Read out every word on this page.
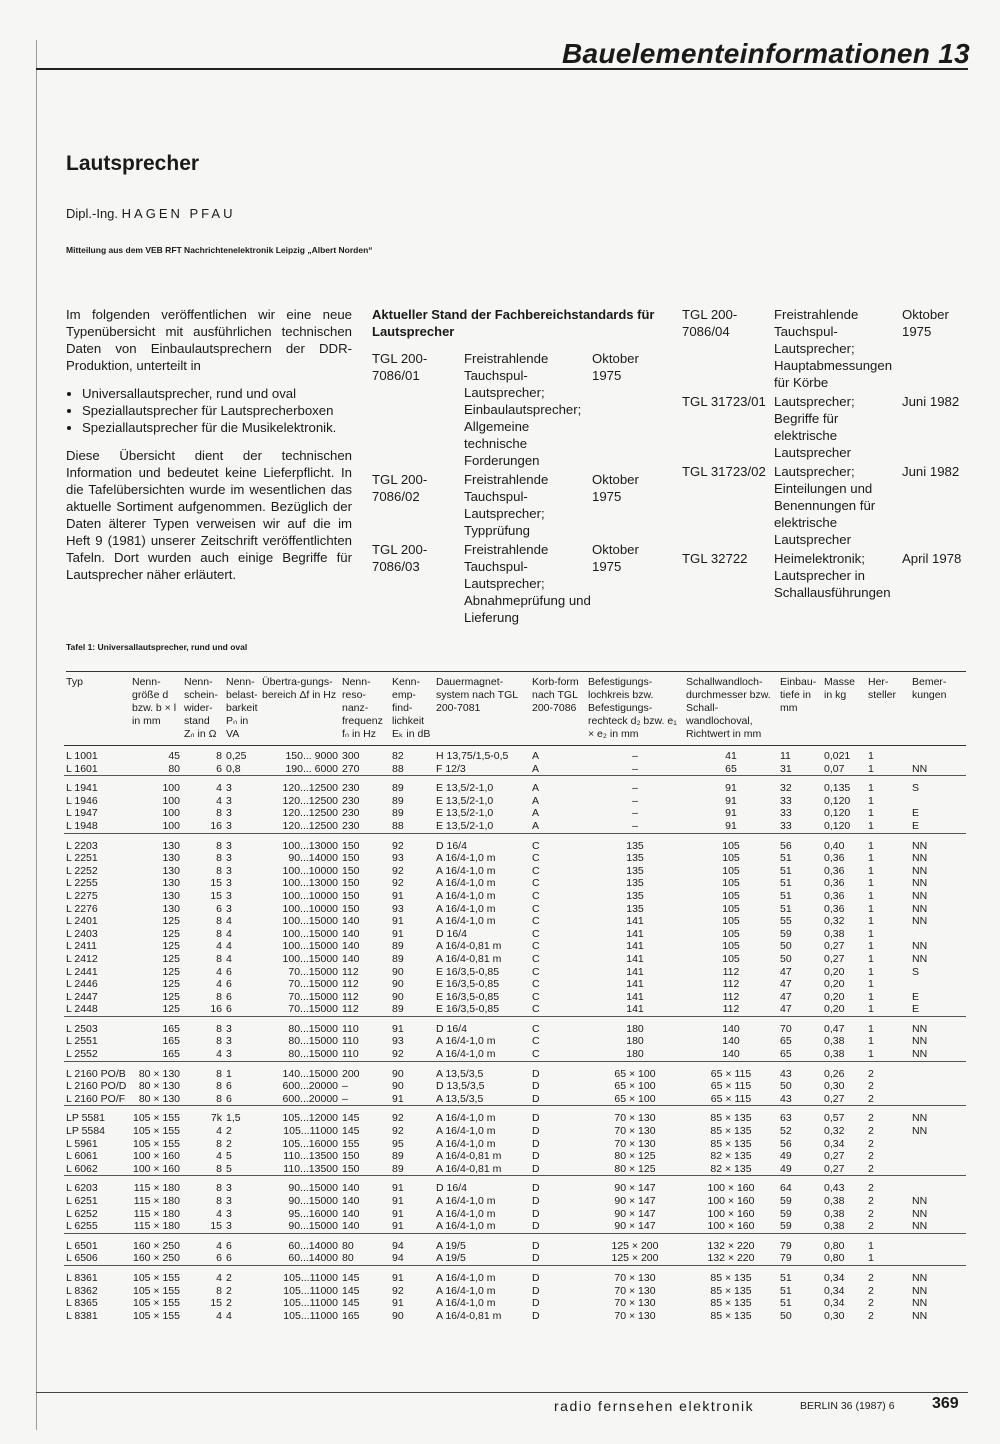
Bauelementeinformationen 13
Lautsprecher
Dipl.-Ing. HAGEN PFAU
Mitteilung aus dem VEB RFT Nachrichtenelektronik Leipzig „Albert Norden“

Im folgenden veröffentlichen wir eine neue Typenübersicht mit ausführlichen technischen Daten von Einbaulautsprechern der DDR-Produktion, unterteilt in

• Universallautsprecher, rund und oval
• Speziallautsprecher für Lautsprecherboxen
• Speziallautsprecher für die Musikelektronik.

Diese Übersicht dient der technischen Information und bedeutet keine Lieferpflicht. In die Tafelübersichten wurde im wesentlichen das aktuelle Sortiment aufgenommen. Bezüglich der Daten älterer Typen verweisen wir auf die im Heft 9 (1981) unserer Zeitschrift veröffentlichten Tafeln. Dort wurden auch einige Begriffe für Lautsprecher näher erläutert.

Aktueller Stand der Fachbereichstandards für Lautsprecher
TGL 200-7086/01
Freistrahlende Tauchspul-Lautsprecher; Einbaulautsprecher; Allgemeine technische Forderungen
Oktober 1975
TGL 200-7086/02
Freistrahlende Tauchspul-Lautsprecher; Typprüfung
Oktober 1975
TGL 200-7086/03
Freistrahlende Tauchspul-Lautsprecher; Abnahmeprüfung und Lieferung
Oktober 1975
TGL 200-7086/04
Freistrahlende Tauchspul-Lautsprecher; Hauptabmessungen für Körbe
Oktober 1975
TGL 31723/01 Lautsprecher; Begriffe für elektrische Lautsprecher
Juni 1982
TGL 31723/02 Lautsprecher; Einteilungen und Benennungen für elektrische Lautsprecher
Juni 1982
TGL 32722	Heimelektronik; Lautsprecher in Schallausführungen
April 1978
Tafel 1: Universallautsprecher, rund und oval
Typ	Nenn-größe d bzw. b × l in mm	Nenn-schein-wider-stand Zₙ in Ω	Nenn-belast-barkeit Pₙ in VA	Übertra-gungs-bereich Δf in Hz	Nenn-reso-nanz-frequenz fₙ in Hz	Kenn-emp-find-lichkeit Eₖ in dB	Dauermagnet-system nach TGL 200-7081	Korb-form nach TGL 200-7086	Befestigungs-lochkreis bzw. Befestigungs-rechteck d₂ bzw. e₁ × e₂ in mm	Schallwandloch-durchmesser bzw. Schall-wandlochoval, Richtwert in mm	Einbau-tiefe in mm	Masse in kg	Her-steller	Bemer-kungen
L 1001	45	8	0,25	150... 9000	300	82	H 13,75/1,5-0,5	A	–	41	11	0,021	1	
L 1601	80	6	0,8	190... 6000	270	88	F 12/3	A	–	65	31	0,07	1	NN
L 1941	100	4	3	120...12500	230	89	E 13,5/2-1,0	A	–	91	32	0,135	1	S
L 1946	100	4	3	120...12500	230	89	E 13,5/2-1,0	A	–	91	33	0,120	1	
L 1947	100	8	3	120...12500	230	89	E 13,5/2-1,0	A	–	91	33	0,120	1	E
L 1948	100	16	3	120...12500	230	88	E 13,5/2-1,0	A	–	91	33	0,120	1	E
L 2203	130	8	3	100...13000	150	92	D 16/4	C	135	105	56	0,40	1	NN
L 2251	130	8	3	90...14000	150	93	A 16/4-1,0 m	C	135	105	51	0,36	1	NN
L 2252	130	8	3	100...10000	150	92	A 16/4-1,0 m	C	135	105	51	0,36	1	NN
L 2255	130	15	3	100...13000	150	92	A 16/4-1,0 m	C	135	105	51	0,36	1	NN
L 2275	130	15	3	100...10000	150	91	A 16/4-1,0 m	C	135	105	51	0,36	1	NN
L 2276	130	6	3	100...10000	150	93	A 16/4-1,0 m	C	135	105	51	0,36	1	NN
L 2401	125	8	4	100...15000	140	91	A 16/4-1,0 m	C	141	105	55	0,32	1	NN
L 2403	125	8	4	100...15000	140	91	D 16/4	C	141	105	59	0,38	1	
L 2411	125	4	4	100...15000	140	89	A 16/4-0,81 m	C	141	105	50	0,27	1	NN
L 2412	125	8	4	100...15000	140	89	A 16/4-0,81 m	C	141	105	50	0,27	1	NN
L 2441	125	4	6	70...15000	112	90	E 16/3,5-0,85	C	141	112	47	0,20	1	S
L 2446	125	4	6	70...15000	112	90	E 16/3,5-0,85	C	141	112	47	0,20	1	
L 2447	125	8	6	70...15000	112	90	E 16/3,5-0,85	C	141	112	47	0,20	1	E
L 2448	125	16	6	70...15000	112	89	E 16/3,5-0,85	C	141	112	47	0,20	1	E
L 2503	165	8	3	80...15000	110	91	D 16/4	C	180	140	70	0,47	1	NN
L 2551	165	8	3	80...15000	110	93	A 16/4-1,0 m	C	180	140	65	0,38	1	NN
L 2552	165	4	3	80...15000	110	92	A 16/4-1,0 m	C	180	140	65	0,38	1	NN
L 2160 PO/B	80 × 130	8	1	140...15000	200	90	A 13,5/3,5	D	65 × 100	65 × 115	43	0,26	2	
L 2160 PO/D	80 × 130	8	6	600...20000	–	90	D 13,5/3,5	D	65 × 100	65 × 115	50	0,30	2	
L 2160 PO/F	80 × 130	8	6	600...20000	–	91	A 13,5/3,5	D	65 × 100	65 × 115	43	0,27	2	
LP 5581	105 × 155	7k	1,5	105...12000	145	92	A 16/4-1,0 m	D	70 × 130	85 × 135	63	0,57	2	NN
LP 5584	105 × 155	4	2	105...11000	145	92	A 16/4-1,0 m	D	70 × 130	85 × 135	52	0,32	2	NN
L 5961	105 × 155	8	2	105...16000	155	95	A 16/4-1,0 m	D	70 × 130	85 × 135	56	0,34	2	
L 6061	100 × 160	4	5	110...13500	150	89	A 16/4-0,81 m	D	80 × 125	82 × 135	49	0,27	2	
L 6062	100 × 160	8	5	110...13500	150	89	A 16/4-0,81 m	D	80 × 125	82 × 135	49	0,27	2	
L 6203	115 × 180	8	3	90...15000	140	91	D 16/4	D	90 × 147	100 × 160	64	0,43	2	
L 6251	115 × 180	8	3	90...15000	140	91	A 16/4-1,0 m	D	90 × 147	100 × 160	59	0,38	2	NN
L 6252	115 × 180	4	3	95...16000	140	91	A 16/4-1,0 m	D	90 × 147	100 × 160	59	0,38	2	NN
L 6255	115 × 180	15	3	90...15000	140	91	A 16/4-1,0 m	D	90 × 147	100 × 160	59	0,38	2	NN
L 6501	160 × 250	4	6	60...14000	80	94	A 19/5	D	125 × 200	132 × 220	79	0,80	1	
L 6506	160 × 250	6	6	60...14000	80	94	A 19/5	D	125 × 200	132 × 220	79	0,80	1	
L 8361	105 × 155	4	2	105...11000	145	91	A 16/4-1,0 m	D	70 × 130	85 × 135	51	0,34	2	NN
L 8362	105 × 155	8	2	105...11000	145	92	A 16/4-1,0 m	D	70 × 130	85 × 135	51	0,34	2	NN
L 8365	105 × 155	15	2	105...11000	145	91	A 16/4-1,0 m	D	70 × 130	85 × 135	51	0,34	2	NN
L 8381	105 × 155	4	4	105...11000	165	90	A 16/4-0,81 m	D	70 × 130	85 × 135	50	0,30	2	NN
radio fernsehen elektronik	BERLIN 36 (1987) 6 369
